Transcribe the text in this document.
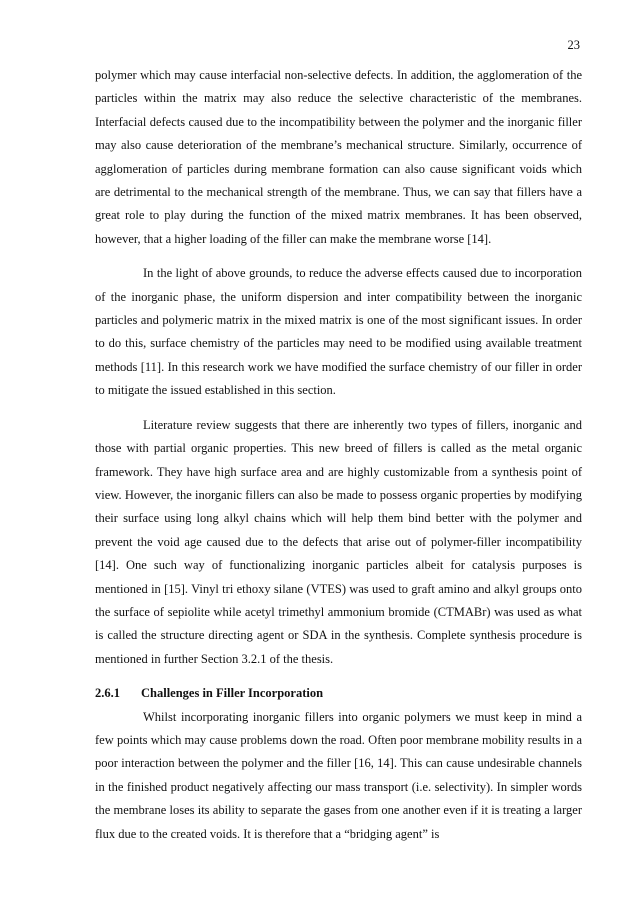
23

polymer which may cause interfacial non-selective defects. In addition, the agglomeration of the particles within the matrix may also reduce the selective characteristic of the membranes. Interfacial defects caused due to the incompatibility between the polymer and the inorganic filler may also cause deterioration of the membrane’s mechanical structure. Similarly, occurrence of agglomeration of particles during membrane formation can also cause significant voids which are detrimental to the mechanical strength of the membrane. Thus, we can say that fillers have a great role to play during the function of the mixed matrix membranes. It has been observed, however, that a higher loading of the filler can make the membrane worse [14].

In the light of above grounds, to reduce the adverse effects caused due to incorporation of the inorganic phase, the uniform dispersion and inter compatibility between the inorganic particles and polymeric matrix in the mixed matrix is one of the most significant issues. In order to do this, surface chemistry of the particles may need to be modified using available treatment methods [11]. In this research work we have modified the surface chemistry of our filler in order to mitigate the issued established in this section.

Literature review suggests that there are inherently two types of fillers, inorganic and those with partial organic properties. This new breed of fillers is called as the metal organic framework. They have high surface area and are highly customizable from a synthesis point of view. However, the inorganic fillers can also be made to possess organic properties by modifying their surface using long alkyl chains which will help them bind better with the polymer and prevent the void age caused due to the defects that arise out of polymer-filler incompatibility [14]. One such way of functionalizing inorganic particles albeit for catalysis purposes is mentioned in [15]. Vinyl tri ethoxy silane (VTES) was used to graft amino and alkyl groups onto the surface of sepiolite while acetyl trimethyl ammonium bromide (CTMABr) was used as what is called the structure directing agent or SDA in the synthesis. Complete synthesis procedure is mentioned in further Section 3.2.1 of the thesis.

2.6.1 Challenges in Filler Incorporation

Whilst incorporating inorganic fillers into organic polymers we must keep in mind a few points which may cause problems down the road. Often poor membrane mobility results in a poor interaction between the polymer and the filler [16, 14]. This can cause undesirable channels in the finished product negatively affecting our mass transport (i.e. selectivity). In simpler words the membrane loses its ability to separate the gases from one another even if it is treating a larger flux due to the created voids. It is therefore that a “bridging agent” is
